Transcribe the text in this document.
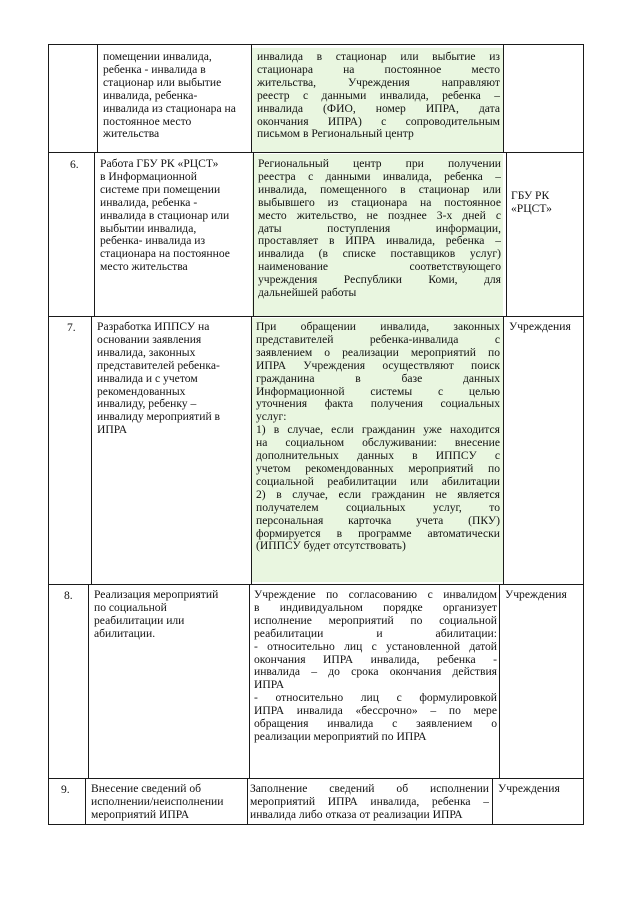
помещении инвалида,
ребенка - инвалида в
стационар или выбытие
инвалида, ребенка-
инвалида из стационара на
постоянное место
жительства
инвалида в стационар или выбытие из
стационара на постоянное место
жительства, Учреждения направляют
реестр с данными инвалида, ребенка –
инвалида (ФИО, номер ИПРА, дата
окончания ИПРА) с сопроводительным
письмом в Региональный центр
6. Работа ГБУ РК «РЦСТ»
в Информационной
системе при помещении
инвалида, ребенка -
инвалида в стационар или
выбытии инвалида,
ребенка- инвалида из
стационара на постоянное
место жительства
Региональный центр при получении
реестра с данными инвалида, ребенка –
инвалида, помещенного в стационар или
выбывшего из стационара на постоянное
место жительство, не позднее 3-х дней с
даты поступления информации,
проставляет в ИПРА инвалида, ребенка –
инвалида (в списке поставщиков услуг)
наименование соответствующего
учреждения Республики Коми, для
дальнейшей работы
ГБУ РК
«РЦСТ»
7. Разработка ИППСУ на
основании заявления
инвалида, законных
представителей ребенка-
инвалида и с учетом
рекомендованных
инвалиду, ребенку –
инвалиду мероприятий в
ИПРА
При обращении инвалида, законных
представителей ребенка-инвалида с
заявлением о реализации мероприятий по
ИПРА Учреждения осуществляют поиск
гражданина в базе данных
Информационной системы с целью
уточнения факта получения социальных
услуг:
1) в случае, если гражданин уже находится
на социальном обслуживании: внесение
дополнительных данных в ИППСУ с
учетом рекомендованных мероприятий по
социальной реабилитации или абилитации
2) в случае, если гражданин не является
получателем социальных услуг, то
персональная карточка учета (ПКУ)
формируется в программе автоматически
(ИППСУ будет отсутствовать)
Учреждения
8. Реализация мероприятий
по социальной
реабилитации или
абилитации.
Учреждение по согласованию с инвалидом
в индивидуальном порядке организует
исполнение мероприятий по социальной
реабилитации и абилитации:
- относительно лиц с установленной датой
окончания ИПРА инвалида, ребенка -
инвалида – до срока окончания действия
ИПРА
- относительно лиц с формулировкой
ИПРА инвалида «бессрочно» – по мере
обращения инвалида с заявлением о
реализации мероприятий по ИПРА
Учреждения
9. Внесение сведений об
исполнении/неисполнении
мероприятий ИПРА
Заполнение сведений об исполнении
мероприятий ИПРА инвалида, ребенка –
инвалида либо отказа от реализации ИПРА
Учреждения
